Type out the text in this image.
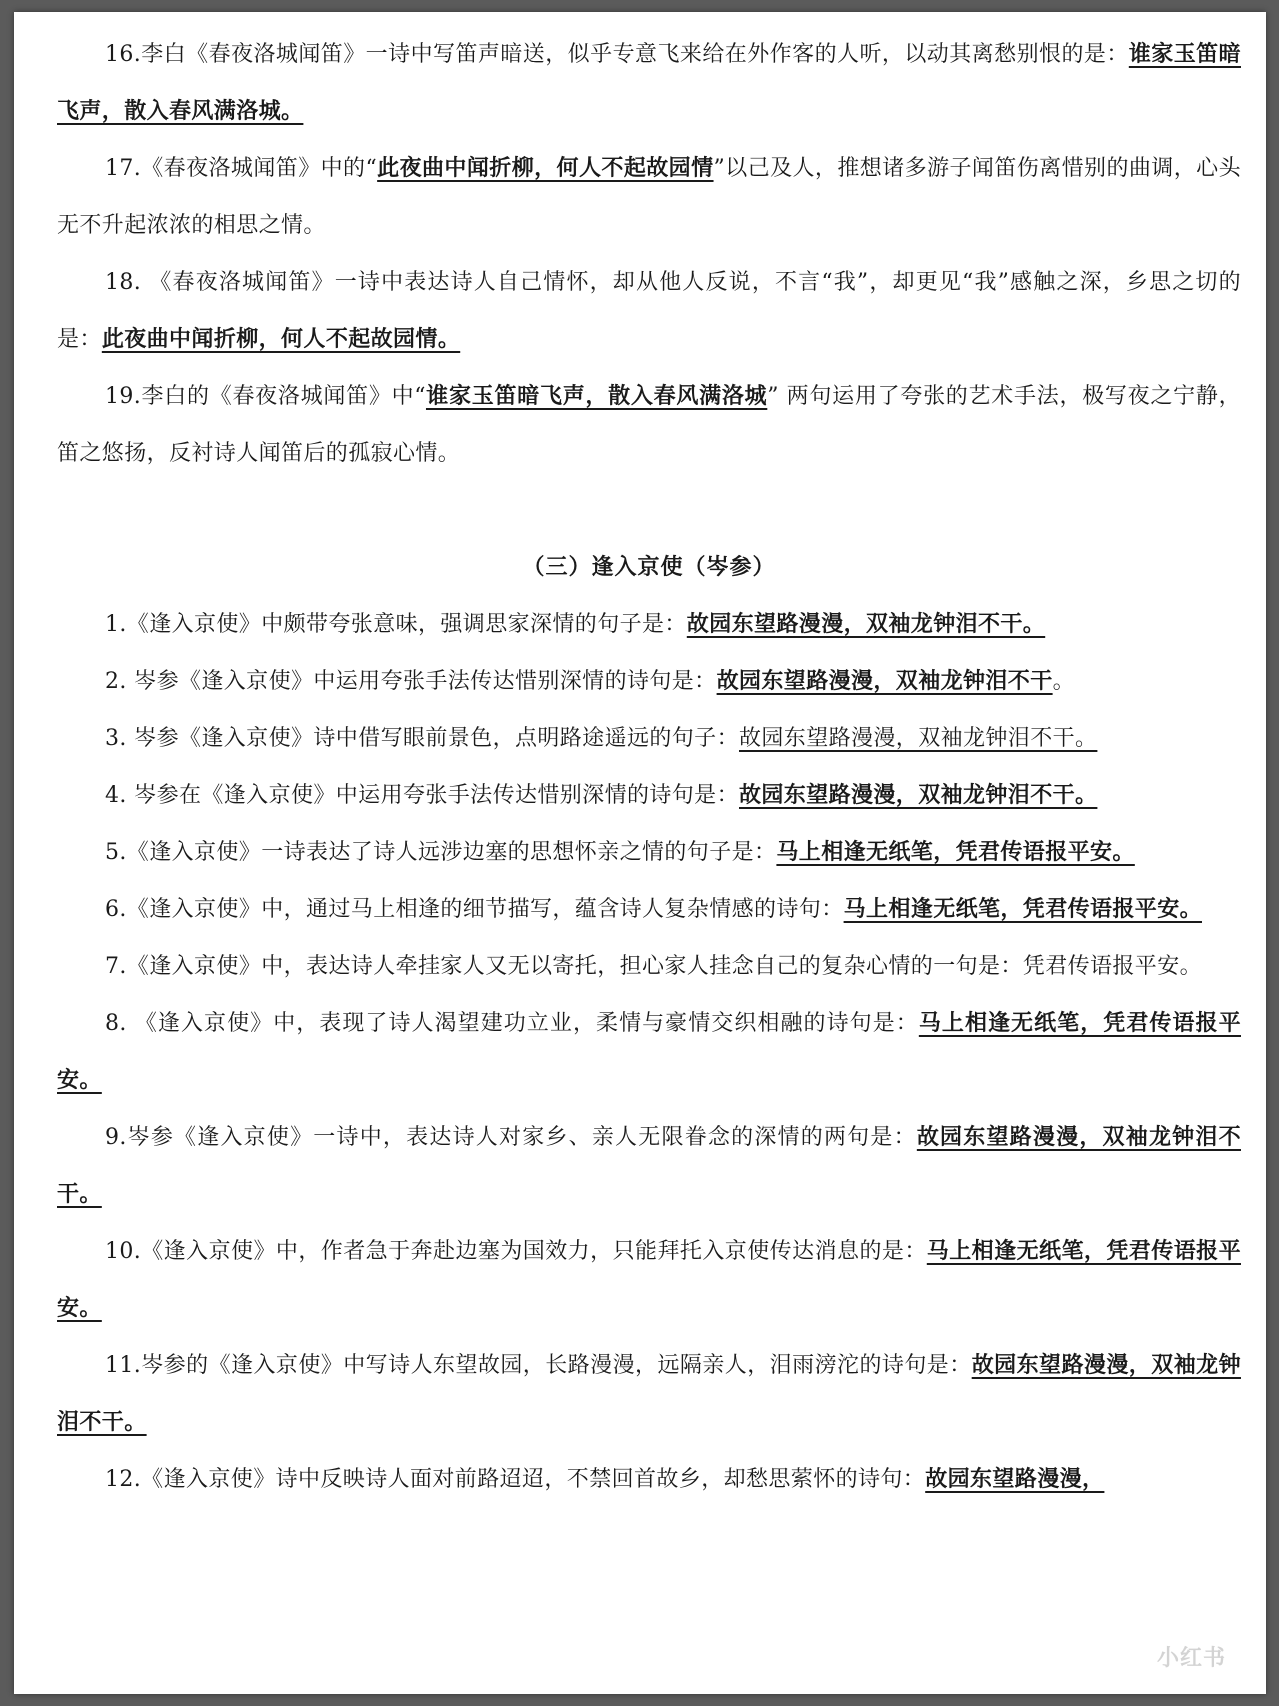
16.李白《春夜洛城闻笛》一诗中写笛声暗送，似乎专意飞来给在外作客的人听，以动其离愁别恨的是：谁家玉笛暗飞声，散入春风满洛城。

17.《春夜洛城闻笛》中的“此夜曲中闻折柳，何人不起故园情”以己及人，推想诸多游子闻笛伤离惜别的曲调，心头无不升起浓浓的相思之情。

18. 《春夜洛城闻笛》一诗中表达诗人自己情怀，却从他人反说，不言“我”，却更见“我”感触之深，乡思之切的是：此夜曲中闻折柳，何人不起故园情。

19.李白的《春夜洛城闻笛》中“谁家玉笛暗飞声，散入春风满洛城” 两句运用了夸张的艺术手法，极写夜之宁静，笛之悠扬，反衬诗人闻笛后的孤寂心情。

（三）逢入京使（岑参）

1.《逢入京使》中颇带夸张意味，强调思家深情的句子是：故园东望路漫漫，双袖龙钟泪不干。

2. 岑参《逢入京使》中运用夸张手法传达惜别深情的诗句是：故园东望路漫漫，双袖龙钟泪不干。

3. 岑参《逢入京使》诗中借写眼前景色，点明路途遥远的句子：故园东望路漫漫，双袖龙钟泪不干。

4. 岑参在《逢入京使》中运用夸张手法传达惜别深情的诗句是：故园东望路漫漫，双袖龙钟泪不干。

5.《逢入京使》一诗表达了诗人远涉边塞的思想怀亲之情的句子是：马上相逢无纸笔，凭君传语报平安。

6.《逢入京使》中，通过马上相逢的细节描写，蕴含诗人复杂情感的诗句：马上相逢无纸笔，凭君传语报平安。

7.《逢入京使》中，表达诗人牵挂家人又无以寄托，担心家人挂念自己的复杂心情的一句是：凭君传语报平安。

8. 《逢入京使》中，表现了诗人渴望建功立业，柔情与豪情交织相融的诗句是：马上相逢无纸笔，凭君传语报平安。

9.岑参《逢入京使》一诗中，表达诗人对家乡、亲人无限眷念的深情的两句是：故园东望路漫漫，双袖龙钟泪不干。

10.《逢入京使》中，作者急于奔赴边塞为国效力，只能拜托入京使传达消息的是：马上相逢无纸笔，凭君传语报平安。

11.岑参的《逢入京使》中写诗人东望故园，长路漫漫，远隔亲人，泪雨滂沱的诗句是：故园东望路漫漫，双袖龙钟泪不干。

12.《逢入京使》诗中反映诗人面对前路迢迢，不禁回首故乡，却愁思萦怀的诗句：故园东望路漫漫，

小红书
